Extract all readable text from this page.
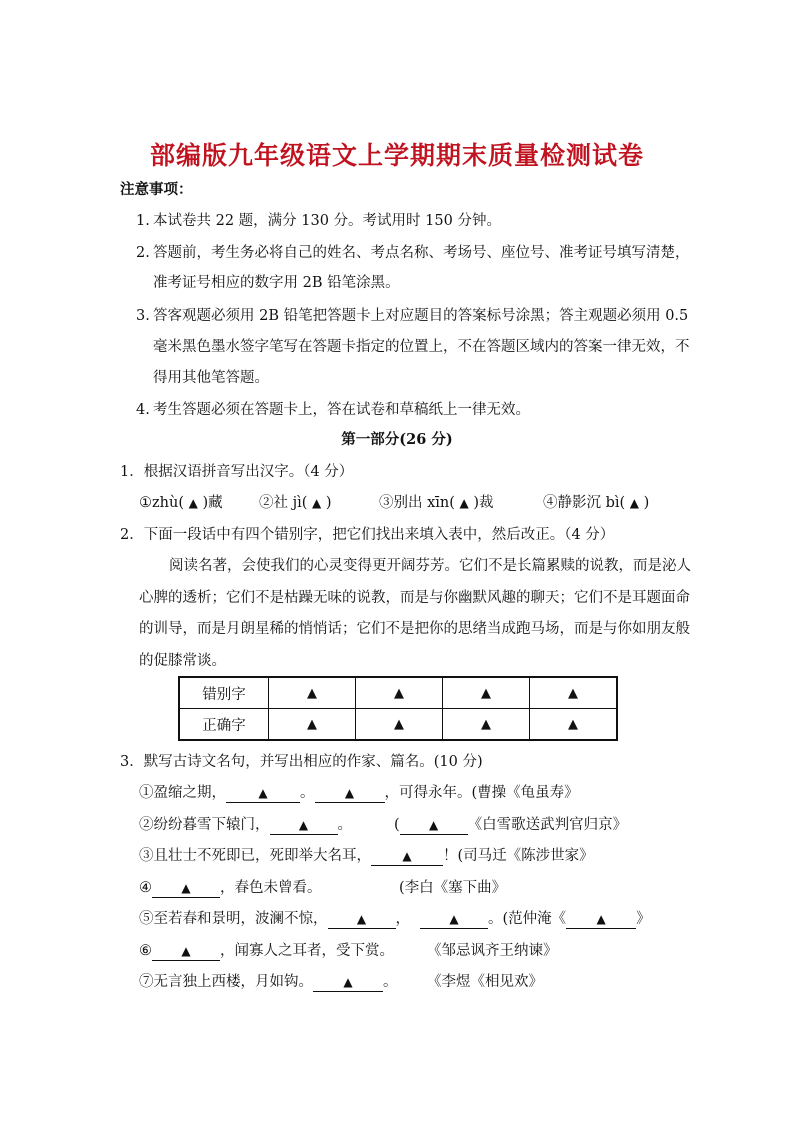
部编版九年级语文上学期期末质量检测试卷
注意事项：
1. 本试卷共 22 题，满分 130 分。考试用时 150 分钟。
2. 答题前，考生务必将自己的姓名、考点名称、考场号、座位号、准考证号填写清楚，
准考证号相应的数字用 2B 铅笔涂黑。
3. 答客观题必须用 2B 铅笔把答题卡上对应题目的答案标号涂黑；答主观题必须用 0.5
毫米黑色墨水签字笔写在答题卡指定的位置上，不在答题区域内的答案一律无效，不
得用其他笔答题。
4. 考生答题必须在答题卡上，答在试卷和草稿纸上一律无效。
第一部分(26 分)
1．根据汉语拼音写出汉字。（4 分）
①zhù( ▲ )藏	②社 jì( ▲ )	③别出 xīn( ▲ )裁	④静影沉 bì( ▲ )
2．下面一段话中有四个错别字，把它们找出来填入表中，然后改正。（4 分）
阅读名著，会使我们的心灵变得更开阔芬芳。它们不是长篇累赎的说教，而是泌人
心脾的透析；它们不是枯躁无味的说教，而是与你幽默风趣的聊天；它们不是耳题面命
的训导，而是月朗星稀的悄悄话；它们不是把你的思绪当成跑马场，而是与你如朋友般
的促膝常谈。
错别字	▲	▲	▲	▲
正确字	▲	▲	▲	▲
3．默写古诗文名句，并写出相应的作家、篇名。(10 分)
①盈缩之期，	▲ 。	▲ ，可得永年。(曹操《龟虽寿》
②纷纷暮雪下辕门， ▲ 。	( ▲ 《白雪歌送武判官归京》
③且壮士不死即已，死即举大名耳，	▲ ！(司马迁《陈涉世家》
④ ▲ ，春色未曾看。	(李白《塞下曲》
⑤至若春和景明，波澜不惊， ▲ ，	▲ 。(范仲淹《	▲ 》
⑥ ▲ ，闻寡人之耳者，受下赏。 《邹忌讽齐王纳谏》
⑦无言独上西楼，月如钩。	▲ 。 《李煜《相见欢》
